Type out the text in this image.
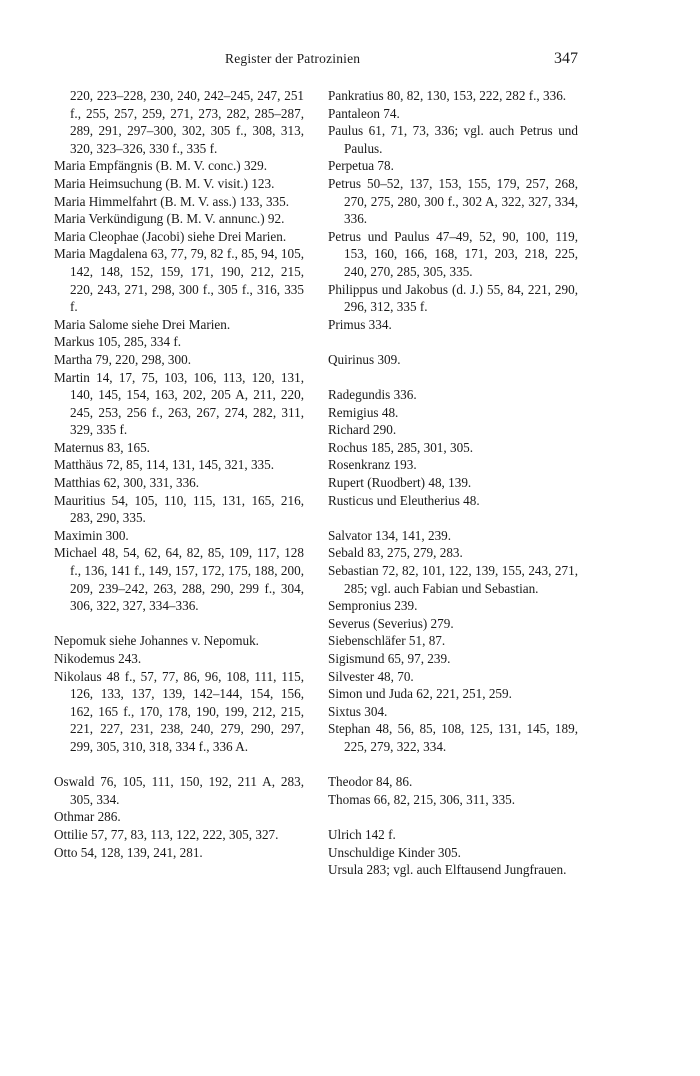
Register der Patrozinien	347

220, 223–228, 230, 240, 242–245, 247, 251 f., 255, 257, 259, 271, 273, 282, 285–287, 289, 291, 297–300, 302, 305 f., 308, 313, 320, 323–326, 330 f., 335 f.

Maria Empfängnis (B. M. V. conc.) 329.

Maria Heimsuchung (B. M. V. visit.) 123.

Maria Himmelfahrt (B. M. V. ass.) 133, 335.

Maria Verkündigung (B. M. V. annunc.) 92.

Maria Cleophae (Jacobi) siehe Drei Marien.

Maria Magdalena 63, 77, 79, 82 f., 85, 94, 105, 142, 148, 152, 159, 171, 190, 212, 215, 220, 243, 271, 298, 300 f., 305 f., 316, 335 f.

Maria Salome siehe Drei Marien.

Markus 105, 285, 334 f.

Martha 79, 220, 298, 300.

Martin 14, 17, 75, 103, 106, 113, 120, 131, 140, 145, 154, 163, 202, 205 A, 211, 220, 245, 253, 256 f., 263, 267, 274, 282, 311, 329, 335 f.

Maternus 83, 165.

Matthäus 72, 85, 114, 131, 145, 321, 335.

Matthias 62, 300, 331, 336.

Mauritius 54, 105, 110, 115, 131, 165, 216, 283, 290, 335.

Maximin 300.

Michael 48, 54, 62, 64, 82, 85, 109, 117, 128 f., 136, 141 f., 149, 157, 172, 175, 188, 200, 209, 239–242, 263, 288, 290, 299 f., 304, 306, 322, 327, 334–336.

Nepomuk siehe Johannes v. Nepomuk.

Nikodemus 243.

Nikolaus 48 f., 57, 77, 86, 96, 108, 111, 115, 126, 133, 137, 139, 142–144, 154, 156, 162, 165 f., 170, 178, 190, 199, 212, 215, 221, 227, 231, 238, 240, 279, 290, 297, 299, 305, 310, 318, 334 f., 336 A.

Oswald 76, 105, 111, 150, 192, 211 A, 283, 305, 334.

Othmar 286.

Ottilie 57, 77, 83, 113, 122, 222, 305, 327.

Otto 54, 128, 139, 241, 281.

Pankratius 80, 82, 130, 153, 222, 282 f., 336.

Pantaleon 74.

Paulus 61, 71, 73, 336; vgl. auch Petrus und Paulus.

Perpetua 78.

Petrus 50–52, 137, 153, 155, 179, 257, 268, 270, 275, 280, 300 f., 302 A, 322, 327, 334, 336.

Petrus und Paulus 47–49, 52, 90, 100, 119, 153, 160, 166, 168, 171, 203, 218, 225, 240, 270, 285, 305, 335.

Philippus und Jakobus (d. J.) 55, 84, 221, 290, 296, 312, 335 f.

Primus 334.

Quirinus 309.

Radegundis 336.

Remigius 48.

Richard 290.

Rochus 185, 285, 301, 305.

Rosenkranz 193.

Rupert (Ruodbert) 48, 139.

Rusticus und Eleutherius 48.

Salvator 134, 141, 239.

Sebald 83, 275, 279, 283.

Sebastian 72, 82, 101, 122, 139, 155, 243, 271, 285; vgl. auch Fabian und Sebastian.

Sempronius 239.

Severus (Severius) 279.

Siebenschläfer 51, 87.

Sigismund 65, 97, 239.

Silvester 48, 70.

Simon und Juda 62, 221, 251, 259.

Sixtus 304.

Stephan 48, 56, 85, 108, 125, 131, 145, 189, 225, 279, 322, 334.

Theodor 84, 86.

Thomas 66, 82, 215, 306, 311, 335.

Ulrich 142 f.

Unschuldige Kinder 305.

Ursula 283; vgl. auch Elftausend Jungfrauen.
